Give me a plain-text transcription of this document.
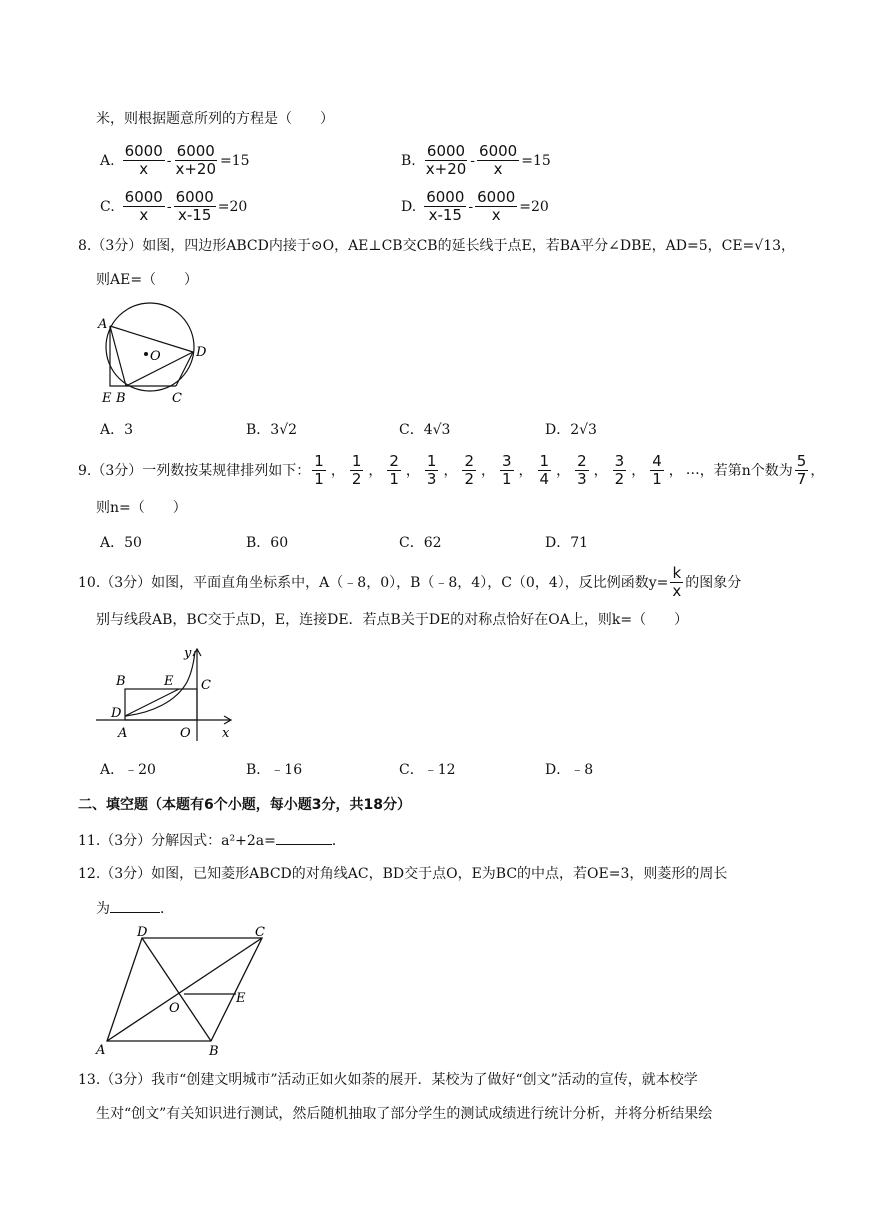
米，则根据题意所列的方程是（　　）
A. $\frac{6000}{x} - \frac{6000}{x+20} =15$	B. $\frac{6000}{x+20} - \frac{6000}{x} =15$
C. $\frac{6000}{x} - \frac{6000}{x-15} =20$	D. $\frac{6000}{x-15} - \frac{6000}{x} =20$
8.（3分）如图，四边形ABCD内接于⊙O，AE⊥CB交CB的延长线于点E，若BA平分∠DBE，AD=5，CE=√13，
则AE=（　　）
A
O	D
E B	C
A．3	B．3√2	C．4√3	D．2√3
9.（3分）一列数按某规律排列如下： $\frac{1}{1}$ ， $\frac{1}{2}$ ， $\frac{2}{1}$ ， $\frac{1}{3}$ ， $\frac{2}{2}$ ， $\frac{3}{1}$ ， $\frac{1}{4}$ ， $\frac{2}{3}$ ， $\frac{3}{2}$ ， $\frac{4}{1}$ ， … ，若第n个数为 $\frac{5}{7}$ ，
则n=（　　）
A．50	B．60	C．62	D．71
10.（3分）如图，平面直角坐标系中，A（﹣8，0），B（﹣8，4），C（0，4），反比例函数$y= \frac{k}{x}$ 的图象分
别与线段AB，BC交于点D，E，连接DE．若点B关于DE的对称点恰好在OA上，则k=（　　）
y
B	E C
D
A	O x
A．﹣20	B．﹣16	C．﹣12	D．﹣8
二、填空题（本题有6个小题，每小题3分，共18分）
11.（3分）分解因式：a²+2a=	．
12.（3分）如图，已知菱形ABCD的对角线AC，BD交于点O，E为BC的中点，若OE=3，则菱形的周长
为	．
D	C
O
E
A	B
13.（3分）我市“创建文明城市”活动正如火如荼的展开．某校为了做好“创文”活动的宣传，就本校学
生对“创文”有关知识进行测试，然后随机抽取了部分学生的测试成绩进行统计分析，并将分析结果绘
